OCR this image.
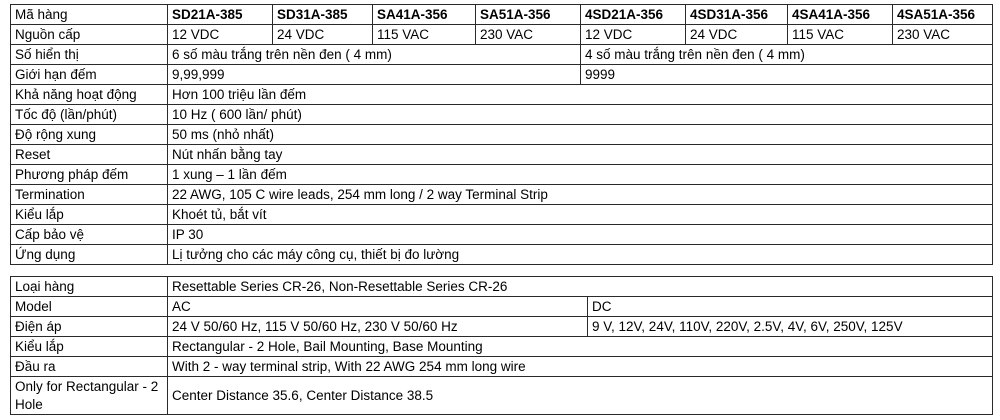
Mã hàng	SD21A-385	SD31A-385	SA41A-356	SA51A-356	4SD21A-356	4SD31A-356	4SA41A-356	4SA51A-356
Nguồn cấp	12 VDC	24 VDC	115 VAC	230 VAC	12 VDC	24 VDC	115 VAC	230 VAC
Số hiển thị	6 số màu trắng trên nền đen ( 4 mm)				4 số màu trắng trên nền đen ( 4 mm)			
Giới hạn đếm	9,99,999				9999			
Khả năng hoạt động	Hơn 100 triệu lần đếm							
Tốc độ (lần/phút)	10 Hz ( 600 lần/ phút)							
Độ rộng xung	50 ms (nhỏ nhất)							
Reset	Nút nhấn bằng tay							
Phương pháp đếm	1 xung – 1 lần đếm							
Termination	22 AWG, 105 C wire leads, 254 mm long / 2 way Terminal Strip							
Kiểu lắp	Khoét tủ, bắt vít							
Cấp bảo vệ	IP 30							
Ứng dụng	Lị tưởng cho các máy công cụ, thiết bị đo lường							
Loại hàng	Resettable Series CR-26, Non-Resettable Series CR-26	
Model	AC	DC
Điện áp	24 V 50/60 Hz, 115 V 50/60 Hz, 230 V 50/60 Hz	9 V, 12V, 24V, 110V, 220V, 2.5V, 4V, 6V, 250V, 125V
Kiểu lắp	Rectangular - 2 Hole, Bail Mounting, Base Mounting	
Đầu ra	With 2 - way terminal strip, With 22 AWG 254 mm long wire	
Only for Rectangular - 2 Hole	Center Distance 35.6, Center Distance 38.5	
